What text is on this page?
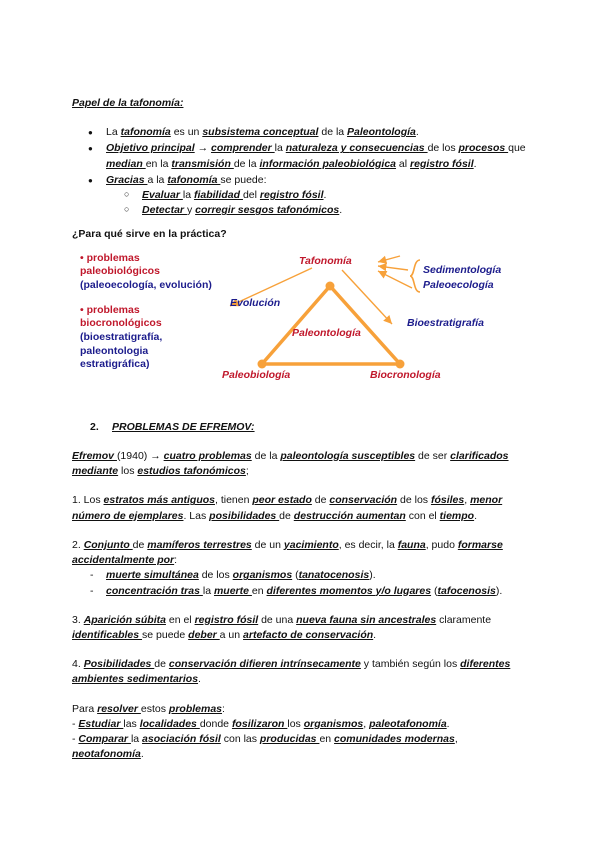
Papel de la tafonomía:

● La tafonomía es un subsistema conceptual de la Paleontología.
● Objetivo principal → comprender la naturaleza y consecuencias de los procesos que median en la transmisión de la información paleobiológica al registro fósil.
● Gracias a la tafonomía se puede:
○ Evaluar la fiabilidad del registro fósil.
○ Detectar y corregir sesgos tafonómicos.

¿Para qué sirve en la práctica?

• problemas
paleobiológicos
(paleoecología, evolución)
• problemas
biocronológicos
(bioestratigrafía,
paleontologia
estratigráfica)
Tafonomía
Sedimentología
Paleoecología
Evolución
Paleontología
Bioestratigrafía
Paleobiología	Biocronología

2. PROBLEMAS DE EFREMOV:

Efremov (1940) → cuatro problemas de la paleontología susceptibles de ser clarificados mediante los estudios tafonómicos;

1. Los estratos más antiguos, tienen peor estado de conservación de los fósiles, menor número de ejemplares. Las posibilidades de destrucción aumentan con el tiempo.

2. Conjunto de mamíferos terrestres de un yacimiento, es decir, la fauna, pudo formarse accidentalmente por:

- muerte simultánea de los organismos (tanatocenosis).
- concentración tras la muerte en diferentes momentos y/o lugares (tafocenosis).

3. Aparición súbita en el registro fósil de una nueva fauna sin ancestrales claramente identificables se puede deber a un artefacto de conservación.

4. Posibilidades de conservación difieren intrínsecamente y también según los diferentes ambientes sedimentarios.

Para resolver estos problemas:

- Estudiar las localidades donde fosilizaron los organismos, paleotafonomía.

- Comparar la asociación fósil con las producidas en comunidades modernas,

neotafonomía.
